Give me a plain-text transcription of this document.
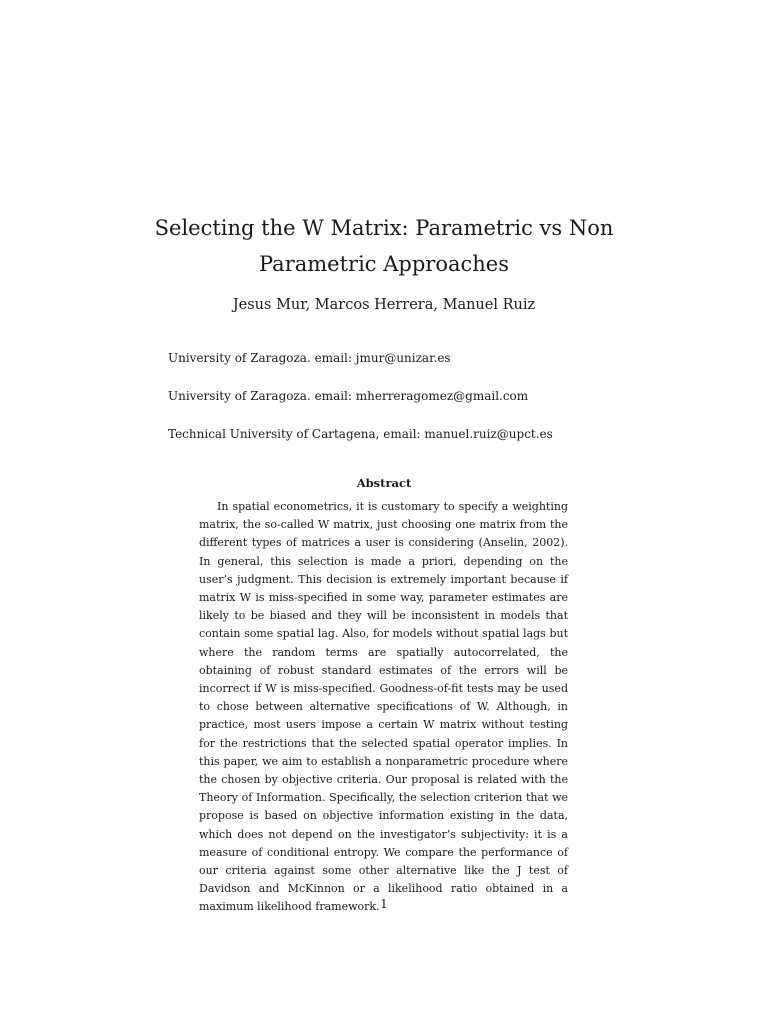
Selecting the W Matrix: Parametric vs Non
Parametric Approaches

Jesus Mur, Marcos Herrera, Manuel Ruiz

University of Zaragoza. email: jmur@unizar.es

University of Zaragoza. email: mherreragomez@gmail.com

Technical University of Cartagena, email: manuel.ruiz@upct.es

Abstract

In spatial econometrics, it is customary to specify a weighting matrix, the so-called W matrix, just choosing one matrix from the different types of matrices a user is considering (Anselin, 2002). In general, this selection is made a priori, depending on the user’s judgment. This decision is extremely important because if matrix W is miss-specified in some way, parameter estimates are likely to be biased and they will be inconsistent in models that contain some spatial lag. Also, for models without spatial lags but where the random terms are spatially autocorrelated, the obtaining of robust standard estimates of the errors will be incorrect if W is miss-specified. Goodness-of-fit tests may be used to chose between alternative specifications of W. Although, in practice, most users impose a certain W matrix without testing for the restrictions that the selected spatial operator implies. In this paper, we aim to establish a nonparametric procedure where the chosen by objective criteria. Our proposal is related with the Theory of Information. Specifically, the selection criterion that we propose is based on objective information existing in the data, which does not depend on the investigator’s subjectivity: it is a measure of conditional entropy. We compare the performance of our criteria against some other alternative like the J test of Davidson and McKinnon or a likelihood ratio obtained in a maximum likelihood framework. 1
